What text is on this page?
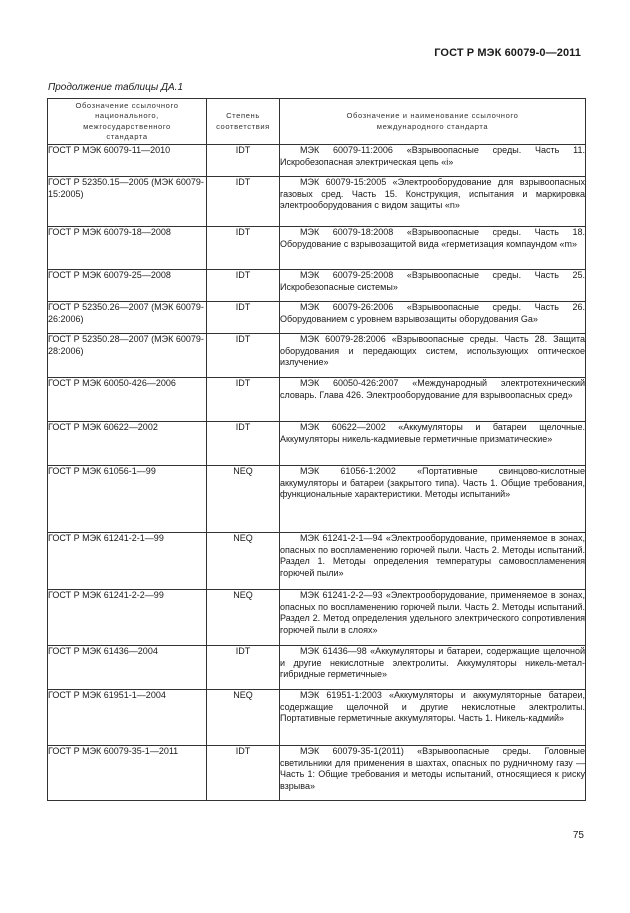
ГОСТ Р МЭК 60079-0—2011
Продолжение таблицы ДА.1
Обозначение ссылочного национального, межгосударственного стандарта	Степень соответствия	Обозначение и наименование ссылочного международного стандарта
ГОСТ Р МЭК 60079-11—2010	IDT	МЭК 60079-11:2006 «Взрывоопасные среды. Часть 11. Искробезопасная электрическая цепь «i»

ГОСТ Р 52350.15—2005 (МЭК 60079-15:2005)	IDT	МЭК 60079-15:2005 «Электрооборудование для взрывоопасных газовых сред. Часть 15. Конструкция, испытания и маркировка электрооборудования с видом защиты «n»

ГОСТ Р МЭК 60079-18—2008	IDT	МЭК 60079-18:2008 «Взрывоопасные среды. Часть 18. Оборудование с взрывозащитой вида «герметизация компаундом «m»

ГОСТ Р МЭК 60079-25—2008	IDT	МЭК 60079-25:2008 «Взрывоопасные среды. Часть 25. Искробезопасные системы»

ГОСТ Р 52350.26—2007 (МЭК 60079-26:2006)	IDT	МЭК 60079-26:2006 «Взрывоопасные среды. Часть 26. Оборудованием с уровнем взрывозащиты оборудования Ga»

ГОСТ Р 52350.28—2007 (МЭК 60079-28:2006)	IDT	МЭК 60079-28:2006 «Взрывоопасные среды. Часть 28. Защита оборудования и передающих систем, использующих оптическое излучение»

ГОСТ Р МЭК 60050-426—2006	IDT	МЭК 60050-426:2007 «Международный электротехнический словарь. Глава 426. Электрооборудование для взрывоопасных сред»

ГОСТ Р МЭК 60622—2002	IDT	МЭК 60622—2002 «Аккумуляторы и батареи щелочные. Аккумуляторы никель-кадмиевые герметичные призматические»

ГОСТ Р МЭК 61056-1—99	NEQ	МЭК 61056-1:2002 «Портативные свинцово-кислотные аккумуляторы и батареи (закрытого типа). Часть 1. Общие требования, функциональные характеристики. Методы испытаний»

ГОСТ Р МЭК 61241-2-1—99	NEQ	МЭК 61241-2-1—94 «Электрооборудование, применяемое в зонах, опасных по воспламенению горючей пыли. Часть 2. Методы испытаний. Раздел 1. Методы определения температуры самовоспламенения горючей пыли»

ГОСТ Р МЭК 61241-2-2—99	NEQ	МЭК 61241-2-2—93 «Электрооборудование, применяемое в зонах, опасных по воспламенению горючей пыли. Часть 2. Методы испытаний. Раздел 2. Метод определения удельного электрического сопротивления горючей пыли в слоях»

ГОСТ Р МЭК 61436—2004	IDT	МЭК 61436—98 «Аккумуляторы и батареи, содержащие щелочной и другие некислотные электролиты. Аккумуляторы никель-метал-гибридные герметичные»

ГОСТ Р МЭК 61951-1—2004	NEQ	МЭК 61951-1:2003 «Аккумуляторы и аккумуляторные батареи, содержащие щелочной и другие некислотные электролиты. Портативные герметичные аккумуляторы. Часть 1. Никель-кадмий»

ГОСТ Р МЭК 60079-35-1—2011	IDT	МЭК 60079-35-1(2011) «Взрывоопасные среды. Головные светильники для применения в шахтах, опасных по рудничному газу — Часть 1: Общие требования и методы испытаний, относящиеся к риску взрыва»
75
